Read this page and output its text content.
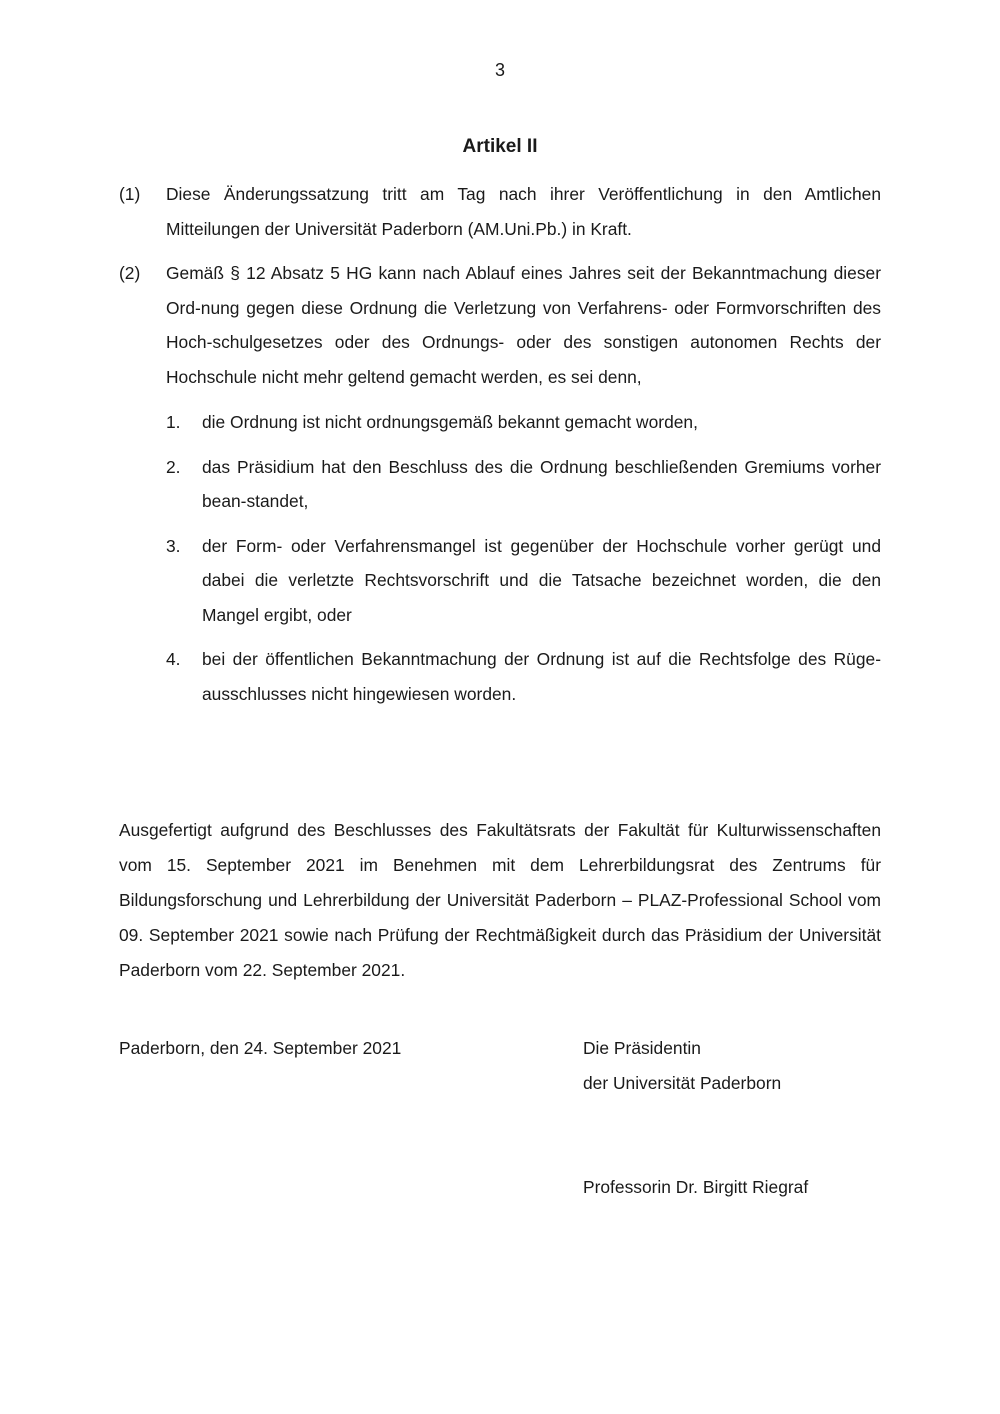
3
Artikel II
(1)	Diese Änderungssatzung tritt am Tag nach ihrer Veröffentlichung in den Amtlichen Mitteilungen der Universität Paderborn (AM.Uni.Pb.) in Kraft.
(2)	Gemäß § 12 Absatz 5 HG kann nach Ablauf eines Jahres seit der Bekanntmachung dieser Ord-nung gegen diese Ordnung die Verletzung von Verfahrens- oder Formvorschriften des Hoch-schulgesetzes oder des Ordnungs- oder des sonstigen autonomen Rechts der Hochschule nicht mehr geltend gemacht werden, es sei denn,
1.	die Ordnung ist nicht ordnungsgemäß bekannt gemacht worden,
2.	das Präsidium hat den Beschluss des die Ordnung beschließenden Gremiums vorher bean-standet,
3.	der Form- oder Verfahrensmangel ist gegenüber der Hochschule vorher gerügt und dabei die verletzte Rechtsvorschrift und die Tatsache bezeichnet worden, die den Mangel ergibt, oder
4.	bei der öffentlichen Bekanntmachung der Ordnung ist auf die Rechtsfolge des Rüge-ausschlusses nicht hingewiesen worden.
Ausgefertigt aufgrund des Beschlusses des Fakultätsrats der Fakultät für Kulturwissenschaften vom 15. September 2021 im Benehmen mit dem Lehrerbildungsrat des Zentrums für Bildungsforschung und Lehrerbildung der Universität Paderborn – PLAZ-Professional School vom 09. September 2021 sowie nach Prüfung der Rechtmäßigkeit durch das Präsidium der Universität Paderborn vom 22. September 2021.
Paderborn, den 24. September 2021	Die Präsidentin
der Universität Paderborn
Professorin Dr. Birgitt Riegraf
